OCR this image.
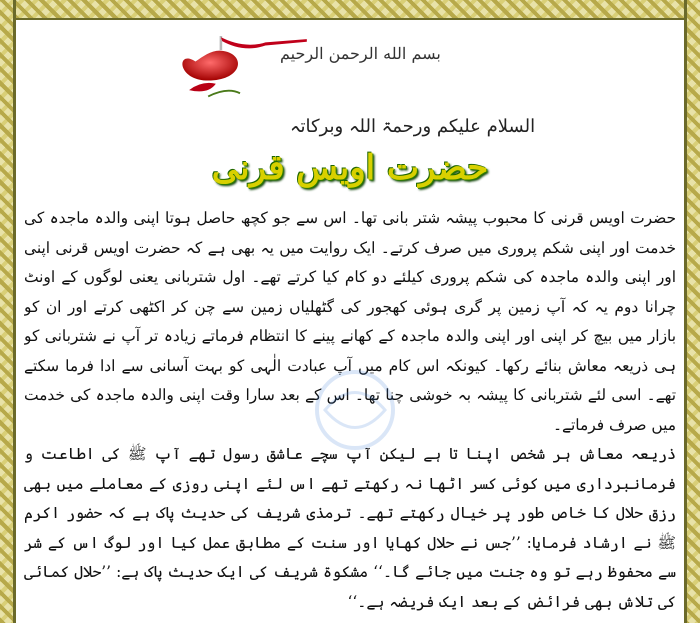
بسم الله الرحمن الرحیم
السلام علیکم ورحمۃ اللہ وبرکاتہ
حضرت اویس قرنی

حضرت اویس قرنی کا محبوب پیشہ شتر بانی تھا۔ اس سے جو کچھ حاصل ہوتا اپنی والدہ ماجدہ کی خدمت اور اپنی شکم پروری میں صرف کرتے۔ ایک روایت میں یہ بھی ہے کہ حضرت اویس قرنی اپنی اور اپنی والدہ ماجدہ کی شکم پروری کیلئے دو کام کیا کرتے تھے۔ اول شتربانی یعنی لوگوں کے اونٹ چرانا دوم یہ کہ آپ زمین پر گری ہوئی کھجور کی گٹھلیاں زمین سے چن کر اکٹھی کرتے اور ان کو بازار میں بیچ کر اپنی اور اپنی والدہ ماجدہ کے کھانے پینے کا انتظام فرماتے زیادہ تر آپ نے شتربانی کو ہی ذریعہ معاش بنائے رکھا۔ کیونکہ اس کام میں آپ عبادت الٰہی کو بہت آسانی سے ادا فرما سکتے تھے۔ اسی لئے شتربانی کا پیشہ بہ خوشی چنا تھا۔ اس کے بعد سارا وقت اپنی والدہ ماجدہ کی خدمت میں صرف فرماتے۔

ذریعہ معاش ہر شخص اپنا تا ہے لیکن آپ سچے عاشق رسول تھے آپ ﷺ کی اطاعت و فرمانبرداری میں کوئی کسر اٹھا نہ رکھتے تھے اس لئے اپنی روزی کے معاملے میں بھی رزق حلال کا خاص طور پر خیال رکھتے تھے۔ ترمذی شریف کی حدیث پاک ہے کہ حضور اکرم ﷺ نے ارشاد فرمایا: ’’جس نے حلال کھایا اور سنت کے مطابق عمل کیا اور لوگ اس کے شر سے محفوظ رہے تو وہ جنت میں جائے گا۔‘‘ مشکوۃ شریف کی ایک حدیث پاک ہے: ’’حلال کمائی کی تلاش بھی فرائض کے بعد ایک فریضہ ہے۔‘‘
